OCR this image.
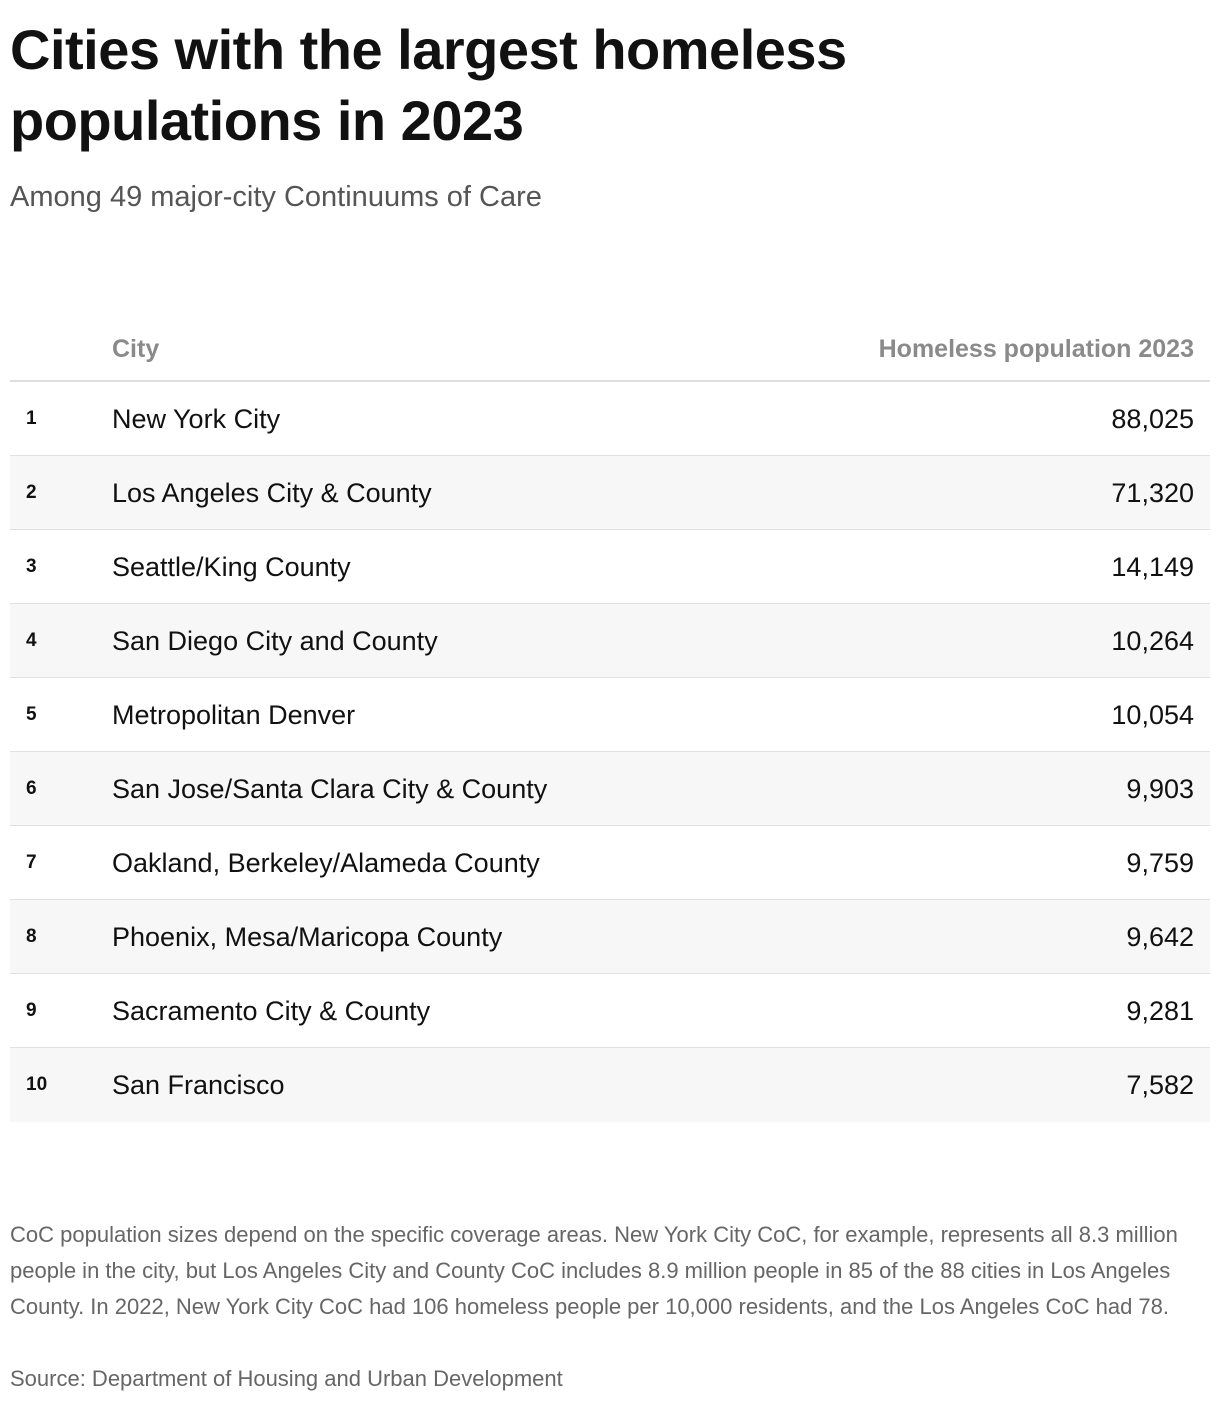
Cities with the largest homeless populations in 2023
Among 49 major-city Continuums of Care
City	Homeless population 2023
1	New York City	88,025
2	Los Angeles City & County	71,320
3	Seattle/King County	14,149
4	San Diego City and County	10,264
5	Metropolitan Denver	10,054
6	San Jose/Santa Clara City & County	9,903
7	Oakland, Berkeley/Alameda County	9,759
8	Phoenix, Mesa/Maricopa County	9,642
9	Sacramento City & County	9,281
10 San Francisco	7,582
CoC population sizes depend on the specific coverage areas. New York City CoC, for example, represents all 8.3 million people in the city, but Los Angeles City and County CoC includes 8.9 million people in 85 of the 88 cities in Los Angeles County. In 2022, New York City CoC had 106 homeless people per 10,000 residents, and the Los Angeles CoC had 78.
Source: Department of Housing and Urban Development
